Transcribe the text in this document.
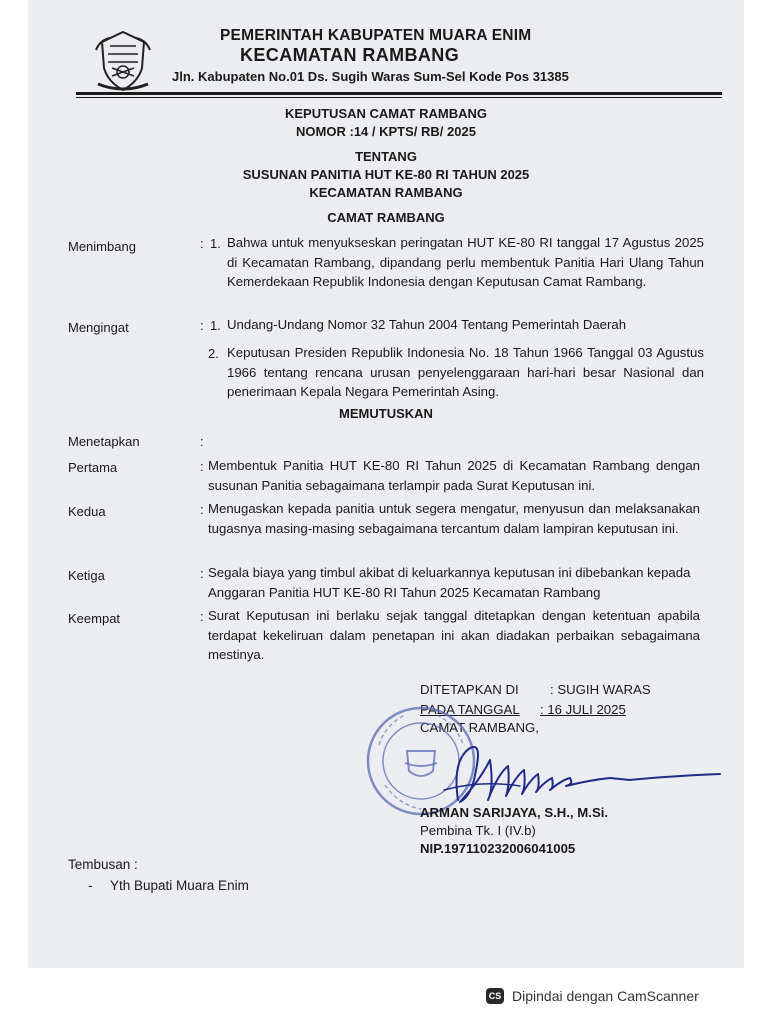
PEMERINTAH KABUPATEN MUARA ENIM
KECAMATAN RAMBANG
Jln. Kabupaten No.01 Ds. Sugih Waras Sum-Sel Kode Pos 31385
KEPUTUSAN CAMAT RAMBANG
NOMOR :14 / KPTS/ RB/ 2025
TENTANG
SUSUNAN PANITIA HUT KE-80 RI TAHUN 2025
KECAMATAN RAMBANG
CAMAT RAMBANG
Menimbang	: 1. Bahwa untuk menyukseskan peringatan HUT KE-80 RI tanggal 17 Agustus 2025 di Kecamatan Rambang, dipandang perlu membentuk Panitia Hari Ulang Tahun Kemerdekaan Republik Indonesia dengan Keputusan Camat Rambang.
Mengingat	: 1. Undang-Undang Nomor 32 Tahun 2004 Tentang Pemerintah Daerah
2. Keputusan Presiden Republik Indonesia No. 18 Tahun 1966 Tanggal 03 Agustus 1966 tentang rencana urusan penyelenggaraan hari-hari besar Nasional dan penerimaan Kepala Negara Pemerintah Asing.
MEMUTUSKAN
Menetapkan	:
Pertama	: Membentuk Panitia HUT KE-80 RI Tahun 2025 di Kecamatan Rambang dengan susunan Panitia sebagaimana terlampir pada Surat Keputusan ini.
Kedua	: Menugaskan kepada panitia untuk segera mengatur, menyusun dan melaksanakan tugasnya masing-masing sebagaimana tercantum dalam lampiran keputusan ini.
Ketiga	: Segala biaya yang timbul akibat di keluarkannya keputusan ini dibebankan kepada Anggaran Panitia HUT KE-80 RI Tahun 2025 Kecamatan Rambang
Keempat	: Surat Keputusan ini berlaku sejak tanggal ditetapkan dengan ketentuan apabila terdapat kekeliruan dalam penetapan ini akan diadakan perbaikan sebagaimana mestinya.
DITETAPKAN DI : SUGIH WARAS
PADA TANGGAL : 16 JULI 2025
CAMAT RAMBANG,
ARMAN SARIJAYA, S.H., M.Si.
Pembina Tk. I (IV.b)
NIP.197110232006041005
Tembusan :
- Yth Bupati Muara Enim
CS Dipindai dengan CamScanner
